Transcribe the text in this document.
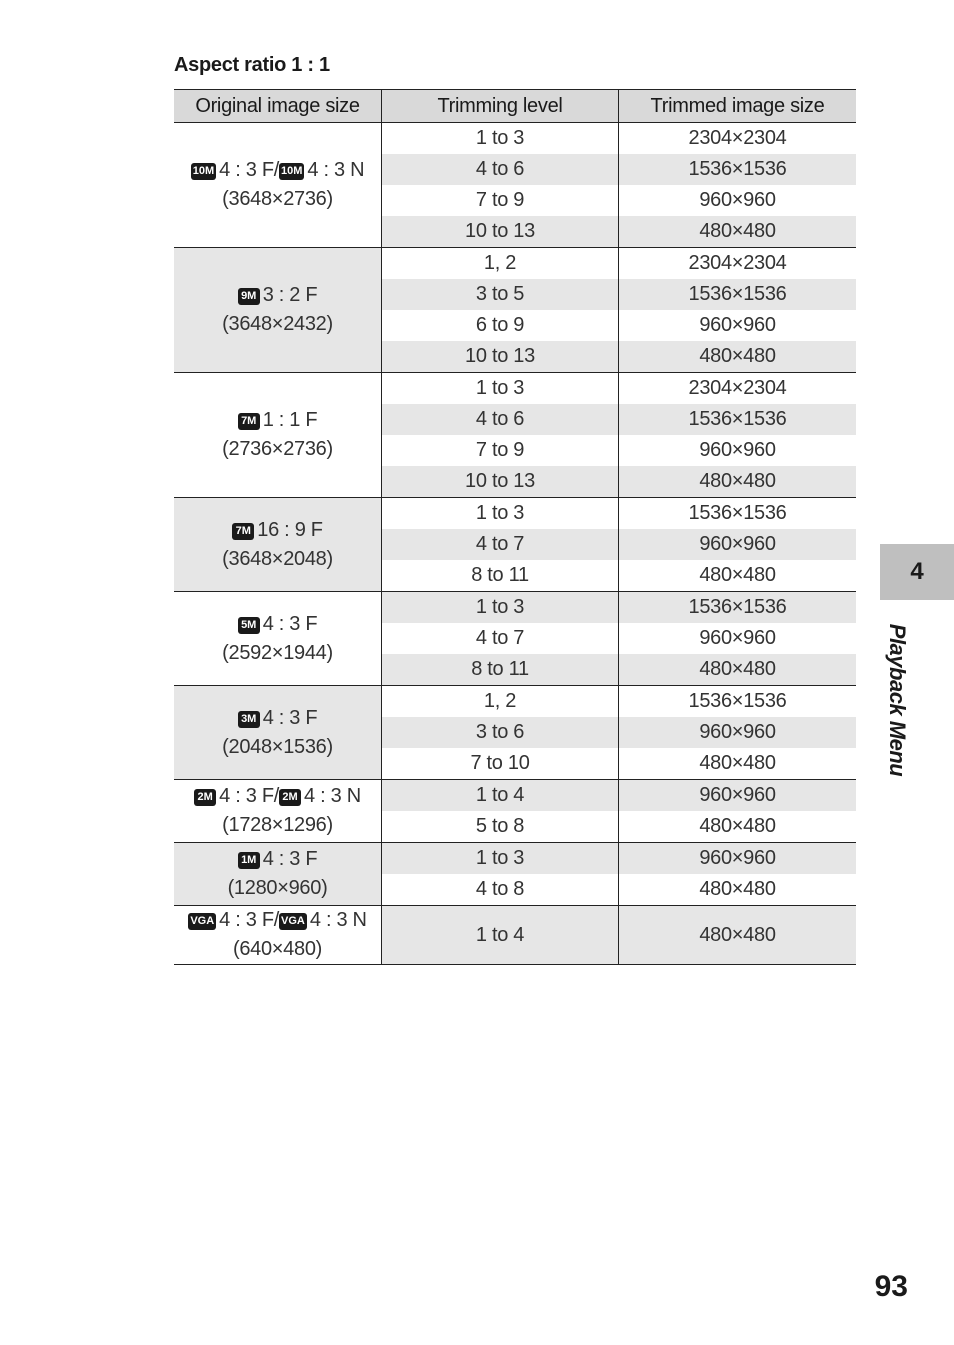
Aspect ratio 1 : 1
Original image size	Trimming level	Trimmed image size

10M 4 : 3 F/ 10M 4 : 3 N
(3648×2736)	1 to 3	2304×2304
	4 to 6	1536×1536
	7 to 9	960×960
	10 to 13	480×480

9M 3 : 2 F
(3648×2432)	1, 2	2304×2304
	3 to 5	1536×1536
	6 to 9	960×960
	10 to 13	480×480

7M 1 : 1 F
(2736×2736)	1 to 3	2304×2304
	4 to 6	1536×1536
	7 to 9	960×960
	10 to 13	480×480

7M 16 : 9 F
(3648×2048)	1 to 3	1536×1536
	4 to 7	960×960
	8 to 11	480×480

5M 4 : 3 F
(2592×1944)	1 to 3	1536×1536
	4 to 7	960×960
	8 to 11	480×480

3M 4 : 3 F
(2048×1536)	1, 2	1536×1536
	3 to 6	960×960
	7 to 10	480×480

2M 4 : 3 F/ 2M 4 : 3 N
(1728×1296)	1 to 4	960×960
	5 to 8	480×480

1M 4 : 3 F
(1280×960)	1 to 3	960×960
	4 to 8	480×480

VGA 4 : 3 F/ VGA 4 : 3 N
(640×480)	1 to 4	480×480
4
Playback Menu
93
